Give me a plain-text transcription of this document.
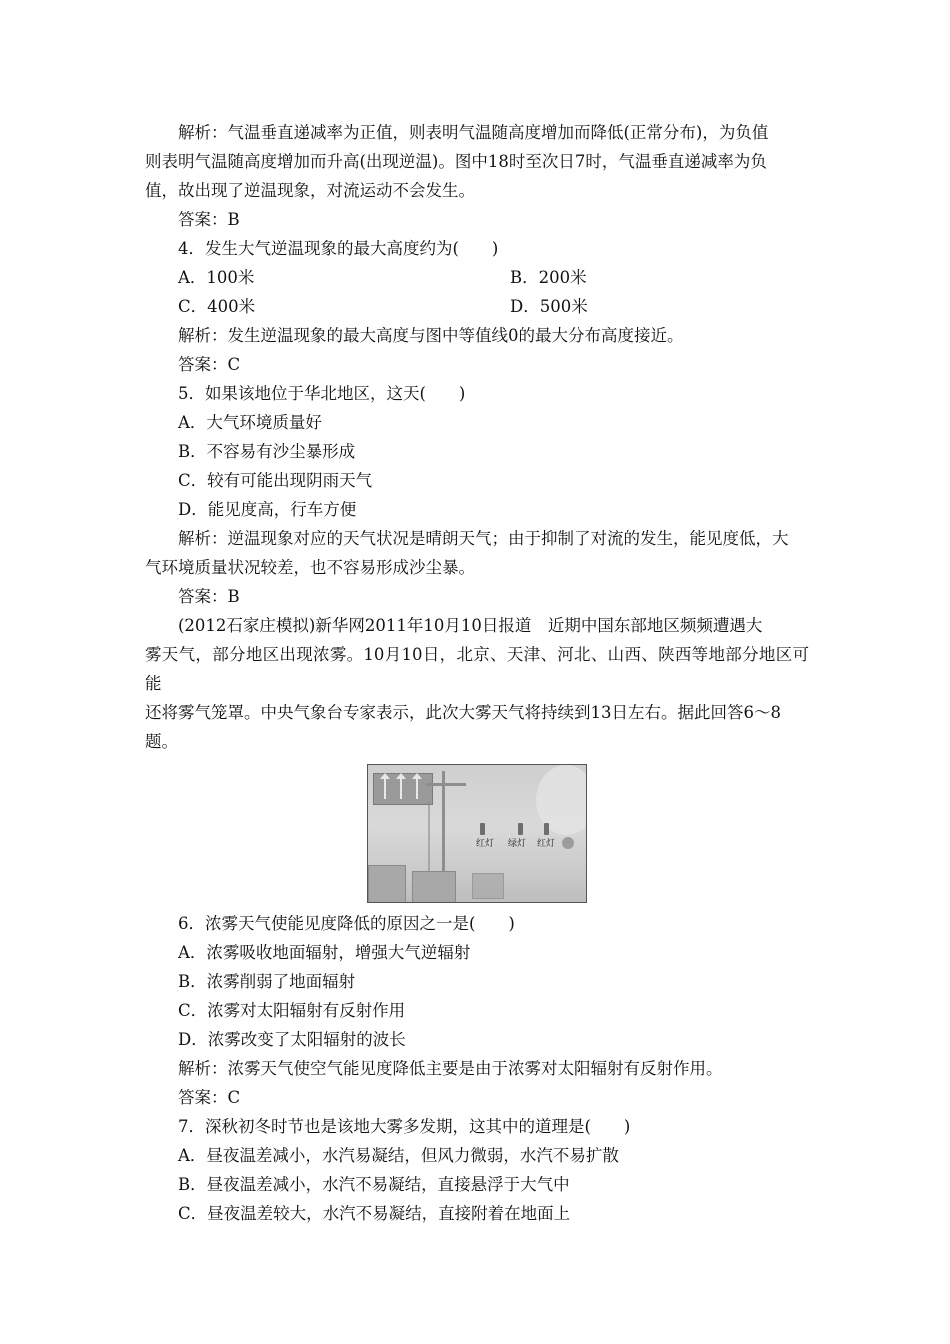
解析：气温垂直递减率为正值，则表明气温随高度增加而降低(正常分布)，为负值

则表明气温随高度增加而升高(出现逆温)。图中18时至次日7时，气温垂直递减率为负

值，故出现了逆温现象，对流运动不会发生。

答案：B

4．发生大气逆温现象的最大高度约为(　　)

A．100米	B．200米
C．400米	D．500米

解析：发生逆温现象的最大高度与图中等值线0的最大分布高度接近。

答案：C

5．如果该地位于华北地区，这天(　　)

A．大气环境质量好

B．不容易有沙尘暴形成

C．较有可能出现阴雨天气

D．能见度高，行车方便

解析：逆温现象对应的天气状况是晴朗天气；由于抑制了对流的发生，能见度低，大

气环境质量状况较差，也不容易形成沙尘暴。

答案：B

(2012石家庄模拟)新华网2011年10月10日报道　近期中国东部地区频频遭遇大

雾天气，部分地区出现浓雾。10月10日，北京、天津、河北、山西、陕西等地部分地区可能

还将雾气笼罩。中央气象台专家表示，此次大雾天气将持续到13日左右。据此回答6～8

题。

红灯 绿灯 红灯

6．浓雾天气使能见度降低的原因之一是(　　)

A．浓雾吸收地面辐射，增强大气逆辐射

B．浓雾削弱了地面辐射

C．浓雾对太阳辐射有反射作用

D．浓雾改变了太阳辐射的波长

解析：浓雾天气使空气能见度降低主要是由于浓雾对太阳辐射有反射作用。

答案：C

7．深秋初冬时节也是该地大雾多发期，这其中的道理是(　　)

A．昼夜温差减小，水汽易凝结，但风力微弱，水汽不易扩散

B．昼夜温差减小，水汽不易凝结，直接悬浮于大气中

C．昼夜温差较大，水汽不易凝结，直接附着在地面上
